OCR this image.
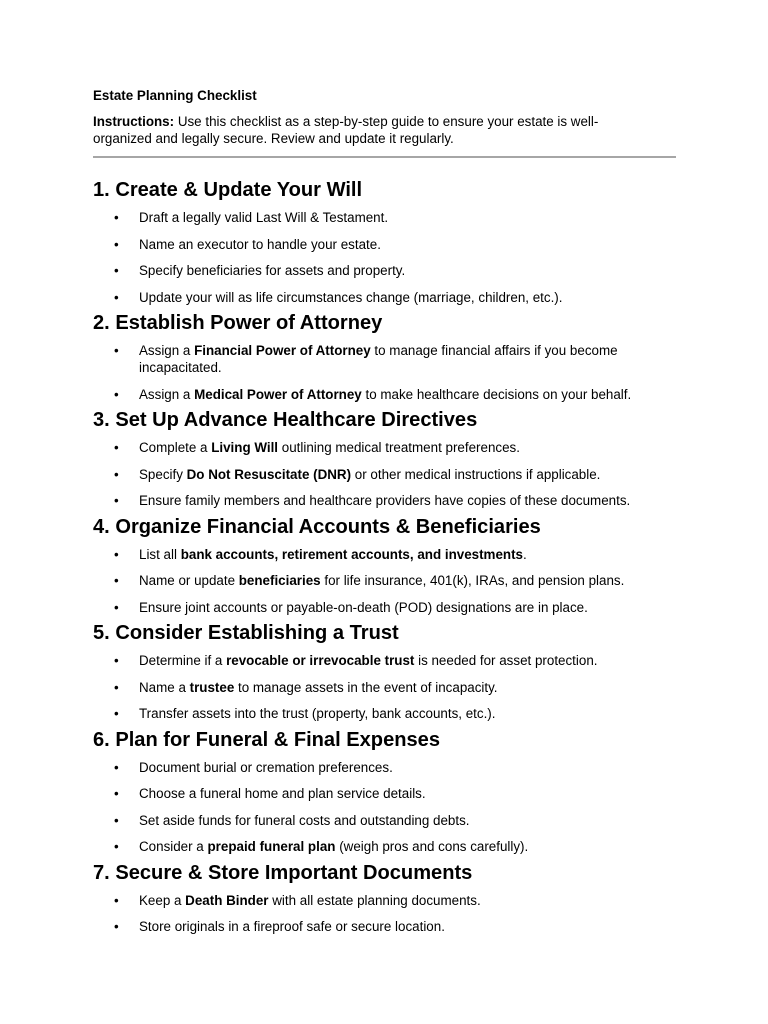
Estate Planning Checklist

Instructions: Use this checklist as a step-by-step guide to ensure your estate is well-organized and legally secure. Review and update it regularly.

1. Create & Update Your Will
• Draft a legally valid Last Will & Testament.
• Name an executor to handle your estate.
• Specify beneficiaries for assets and property.
• Update your will as life circumstances change (marriage, children, etc.).
2. Establish Power of Attorney
• Assign a Financial Power of Attorney to manage financial affairs if you become incapacitated.
• Assign a Medical Power of Attorney to make healthcare decisions on your behalf.
3. Set Up Advance Healthcare Directives
• Complete a Living Will outlining medical treatment preferences.
• Specify Do Not Resuscitate (DNR) or other medical instructions if applicable.
• Ensure family members and healthcare providers have copies of these documents.
4. Organize Financial Accounts & Beneficiaries
• List all bank accounts, retirement accounts, and investments.
• Name or update beneficiaries for life insurance, 401(k), IRAs, and pension plans.
• Ensure joint accounts or payable-on-death (POD) designations are in place.
5. Consider Establishing a Trust
• Determine if a revocable or irrevocable trust is needed for asset protection.
• Name a trustee to manage assets in the event of incapacity.
• Transfer assets into the trust (property, bank accounts, etc.).
6. Plan for Funeral & Final Expenses
• Document burial or cremation preferences.
• Choose a funeral home and plan service details.
• Set aside funds for funeral costs and outstanding debts.
• Consider a prepaid funeral plan (weigh pros and cons carefully).
7. Secure & Store Important Documents
• Keep a Death Binder with all estate planning documents.
• Store originals in a fireproof safe or secure location.
